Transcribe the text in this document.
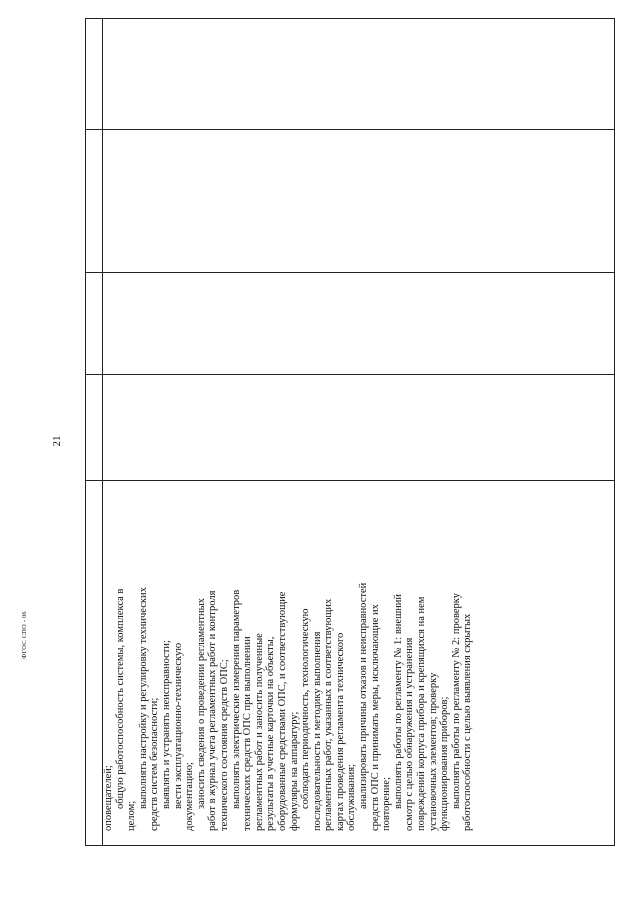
21
ФГОС СПО - 06
оповещателей; общую работоспособность системы, комплекса в
целом;
выполнять настройку и регулировку технических средств систем безопасности; выявлять и устранять неисправности; вести эксплуатационно-техническую документацию; заносить сведения о проведении регламентных работ в журнал учета регламентных работ и контроля технического состояния средств ОПС; выполнять электрические измерения параметров технических средств ОПС при выполнении регламентных работ и заносить полученные результаты в учетные карточки на объекты, оборудованные средствами ОПС, и соответствующие формуляры на аппаратуру; соблюдать периодичность, технологическую последовательность и методику выполнения регламентных работ, указанных в соответствующих картах проведения регламента технического обслуживания; анализировать причины отказов и неисправностей средств ОПС и принимать меры, исключающие их повторение; выполнять работы по регламенту № 1: внешний осмотр с целью обнаружения и устранения повреждений корпуса прибора и крепящихся на нем установочных элементов; проверку функционирования приборов; выполнять работы по регламенту № 2: проверку работоспособности с целью выявления скрытых
